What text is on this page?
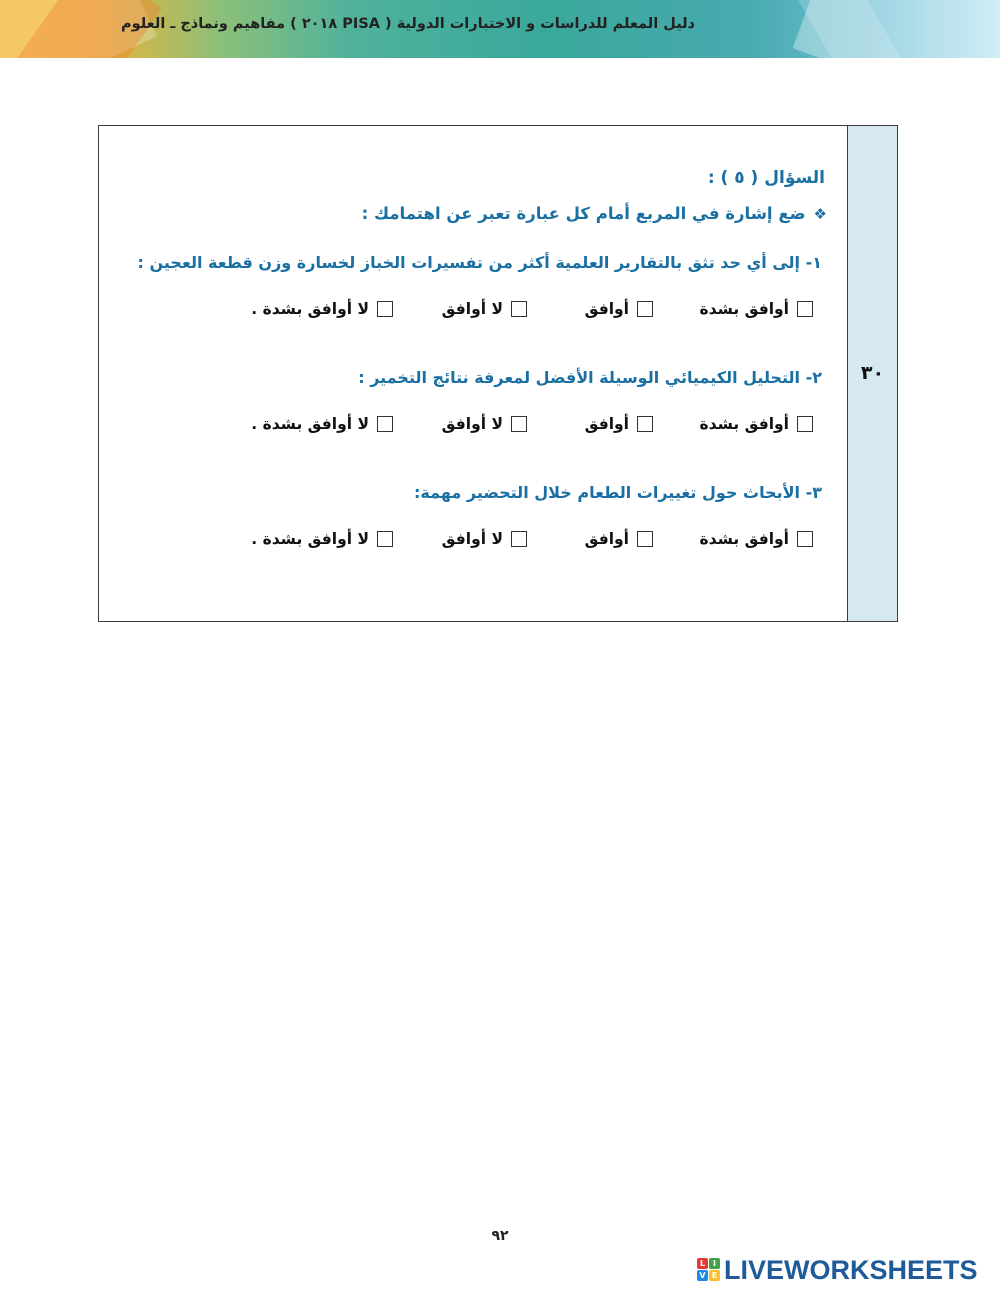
دليل المعلم للدراسات و الاختبارات الدولية ( PISA ٢٠١٨ ) مفاهيم ونماذج ـ العلوم
٣٠
السؤال ( ٥ ) :
❖ضع إشارة في المربع أمام كل عبارة تعبر عن اهتمامك :
١- إلى أي حد تثق بالتقارير العلمية أكثر من تفسيرات الخباز لخسارة وزن قطعة العجين :
أوافق بشدة
أوافق
لا أوافق
لا أوافق بشدة .
٢- التحليل الكيميائي الوسيلة الأفضل لمعرفة نتائج التخمير :
أوافق بشدة
أوافق
لا أوافق
لا أوافق بشدة .
٣- الأبحاث حول تغييرات الطعام خلال التحضير مهمة:
أوافق بشدة
أوافق
لا أوافق
لا أوافق بشدة .
٩٢
L I
V E LIVEWORKSHEETS
